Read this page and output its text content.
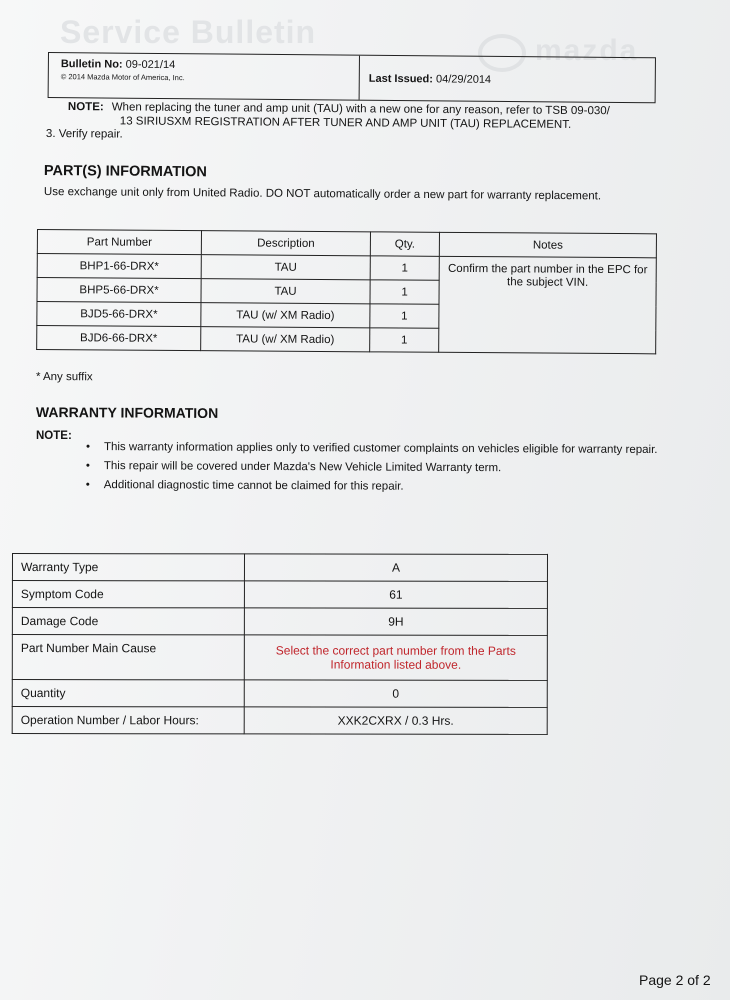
Service Bulletin
mazda
Bulletin No: 09-021/14
© 2014 Mazda Motor of America, Inc.	Last Issued: 04/29/2014
NOTE: When replacing the tuner and amp unit (TAU) with a new one for any reason, refer to TSB 09-030/
13 SIRIUSXM REGISTRATION AFTER TUNER AND AMP UNIT (TAU) REPLACEMENT.
3. Verify repair.
PART(S) INFORMATION
Use exchange unit only from United Radio. DO NOT automatically order a new part for warranty replacement.
Part Number	Description	Qty.	Notes
BHP1-66-DRX*	TAU	1	Confirm the part number in the EPC for the subject VIN.
BHP5-66-DRX*	TAU	1	
BJD5-66-DRX*	TAU (w/ XM Radio)	1	
BJD6-66-DRX*	TAU (w/ XM Radio)	1	
* Any suffix
WARRANTY INFORMATION
NOTE:
• This warranty information applies only to verified customer complaints on vehicles eligible for warranty repair.
• This repair will be covered under Mazda's New Vehicle Limited Warranty term.
• Additional diagnostic time cannot be claimed for this repair.
Warranty Type	A
Symptom Code	61
Damage Code	9H
Part Number Main Cause	Select the correct part number from the Parts Information listed above.
Quantity	0
Operation Number / Labor Hours:	XXK2CXRX / 0.3 Hrs.
Page 2 of 2
